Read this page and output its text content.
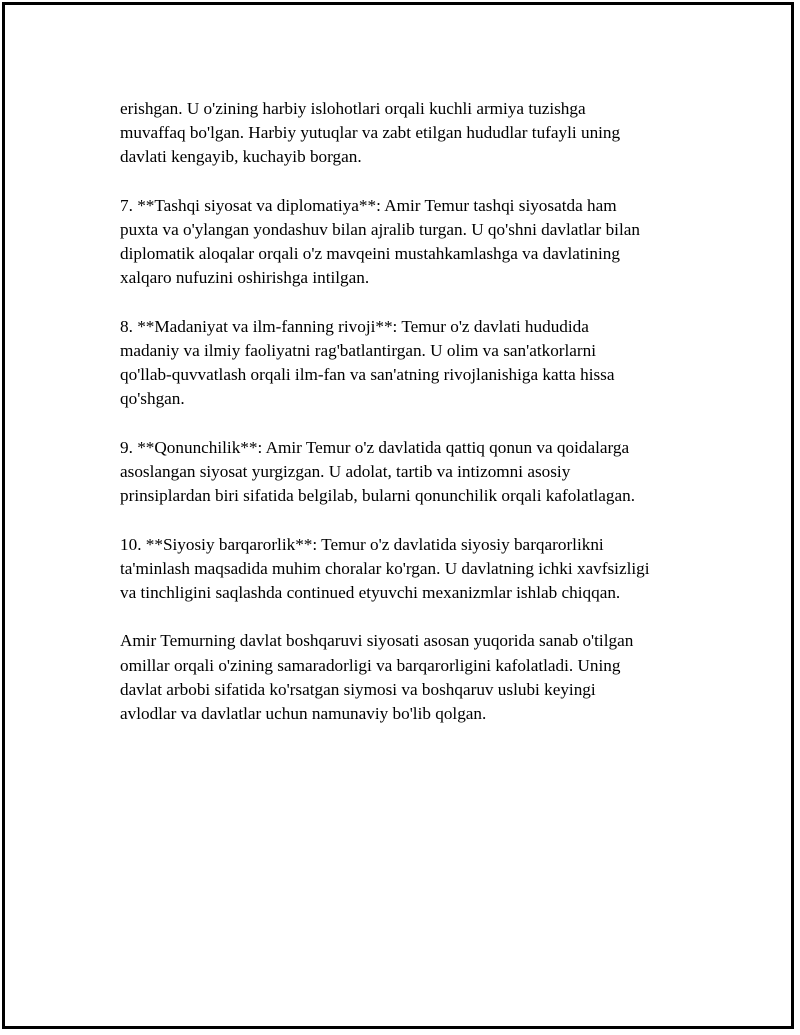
erishgan. U o'zining harbiy islohotlari orqali kuchli armiya tuzishga
muvaffaq bo'lgan. Harbiy yutuqlar va zabt etilgan hududlar tufayli uning
davlati kengayib, kuchayib borgan.

7. **Tashqi siyosat va diplomatiya**: Amir Temur tashqi siyosatda ham
puxta va o'ylangan yondashuv bilan ajralib turgan. U qo'shni davlatlar bilan
diplomatik aloqalar orqali o'z mavqeini mustahkamlashga va davlatining
xalqaro nufuzini oshirishga intilgan.

8. **Madaniyat va ilm-fanning rivoji**: Temur o'z davlati hududida
madaniy va ilmiy faoliyatni rag'batlantirgan. U olim va san'atkorlarni
qo'llab-quvvatlash orqali ilm-fan va san'atning rivojlanishiga katta hissa
qo'shgan.

9. **Qonunchilik**: Amir Temur o'z davlatida qattiq qonun va qoidalarga
asoslangan siyosat yurgizgan. U adolat, tartib va intizomni asosiy
prinsiplardan biri sifatida belgilab, bularni qonunchilik orqali kafolatlagan.

10. **Siyosiy barqarorlik**: Temur o'z davlatida siyosiy barqarorlikni
ta'minlash maqsadida muhim choralar ko'rgan. U davlatning ichki xavfsizligi
va tinchligini saqlashda continued etyuvchi mexanizmlar ishlab chiqqan.

Amir Temurning davlat boshqaruvi siyosati asosan yuqorida sanab o'tilgan
omillar orqali o'zining samaradorligi va barqarorligini kafolatladi. Uning
davlat arbobi sifatida ko'rsatgan siymosi va boshqaruv uslubi keyingi
avlodlar va davlatlar uchun namunaviy bo'lib qolgan.
